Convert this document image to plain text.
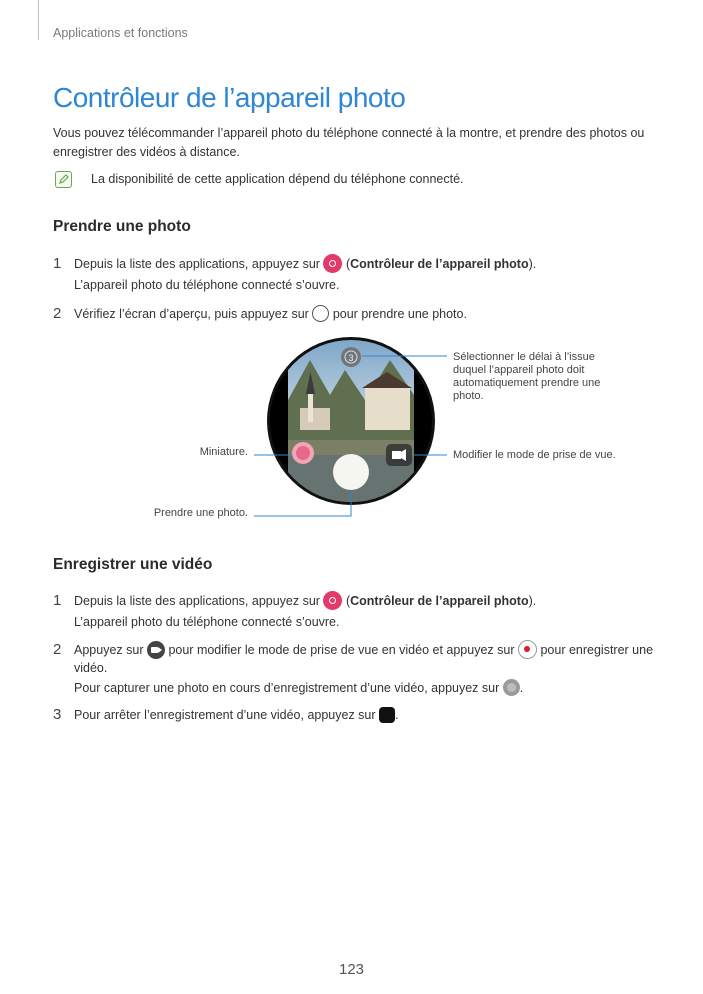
Applications et fonctions
Contrôleur de l’appareil photo
Vous pouvez télécommander l’appareil photo du téléphone connecté à la montre, et prendre des photos ou
enregistrer des vidéos à distance.
La disponibilité de cette application dépend du téléphone connecté.
Prendre une photo
1 Depuis la liste des applications, appuyez sur (Contrôleur de l’appareil photo).
L’appareil photo du téléphone connecté s’ouvre.
2 Vérifiez l’écran d’aperçu, puis appuyez sur pour prendre une photo.
3	Sélectionner le délai à l’issue
duquel l’appareil photo doit
automatiquement prendre une
photo.
Modifier le mode de prise de vue.
Miniature.
Prendre une photo.
Enregistrer une vidéo
1 Depuis la liste des applications, appuyez sur (Contrôleur de l’appareil photo).
L’appareil photo du téléphone connecté s’ouvre.
2 Appuyez sur pour modifier le mode de prise de vue en vidéo et appuyez sur pour enregistrer une
vidéo.
Pour capturer une photo en cours d’enregistrement d’une vidéo, appuyez sur .
3 Pour arrêter l’enregistrement d’une vidéo, appuyez sur .
123
